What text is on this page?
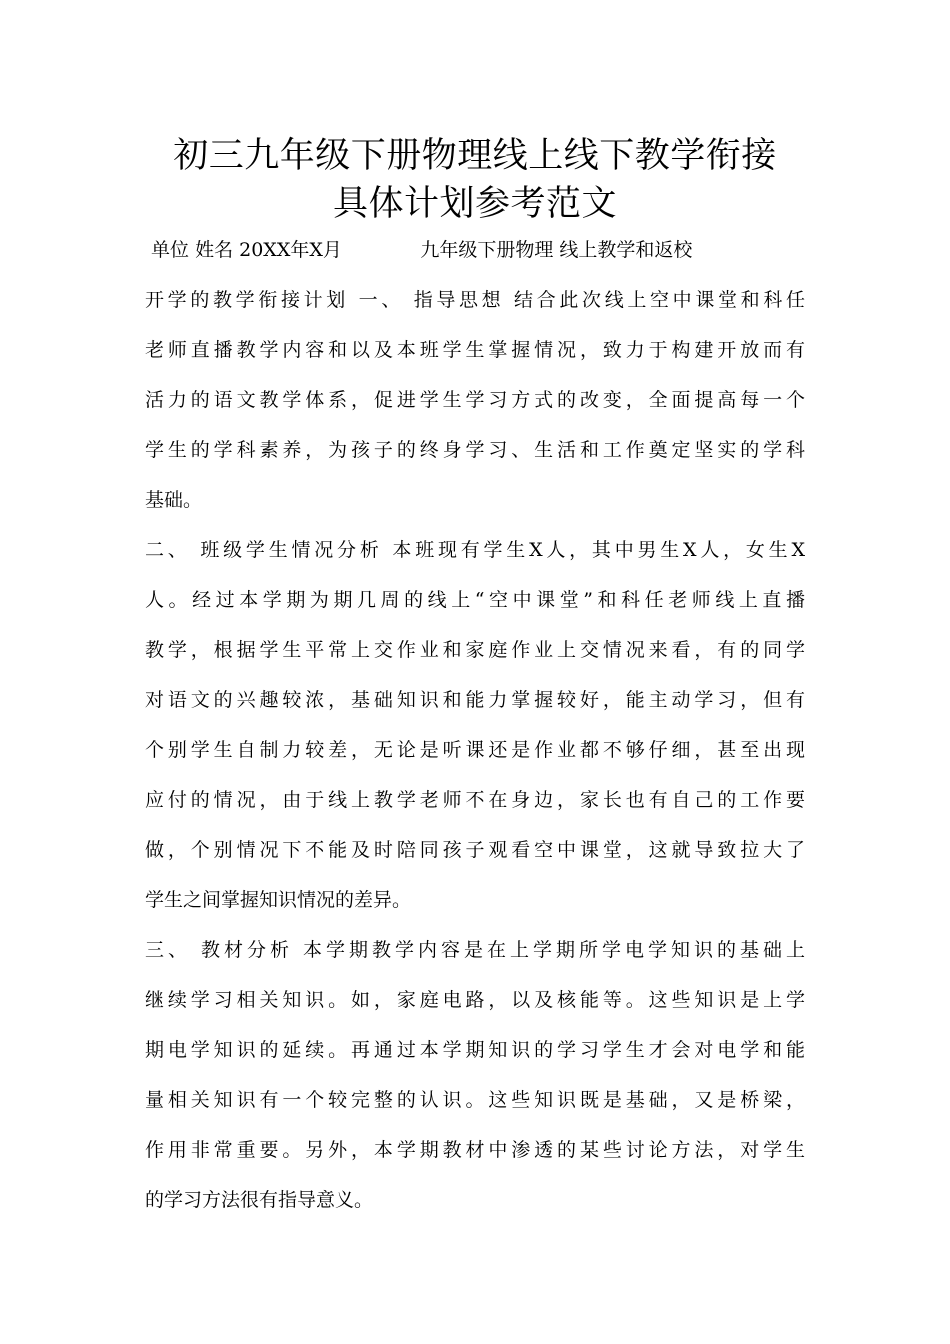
初三九年级下册物理线上线下教学衔接
具体计划参考范文
单位 姓名 20XX年X月             九年级下册物理 线上教学和返校
开学的教学衔接计划 一、 指导思想 结合此次线上空中课堂和科任
老师直播教学内容和以及本班学生掌握情况，致力于构建开放而有
活力的语文教学体系，促进学生学习方式的改变，全面提高每一个
学生的学科素养，为孩子的终身学习、生活和工作奠定坚实的学科
基础。
二、 班级学生情况分析 本班现有学生X人，其中男生X人，女生X
人。经过本学期为期几周的线上“空中课堂”和科任老师线上直播
教学，根据学生平常上交作业和家庭作业上交情况来看，有的同学
对语文的兴趣较浓，基础知识和能力掌握较好，能主动学习，但有
个别学生自制力较差，无论是听课还是作业都不够仔细，甚至出现
应付的情况，由于线上教学老师不在身边，家长也有自己的工作要
做，个别情况下不能及时陪同孩子观看空中课堂，这就导致拉大了
学生之间掌握知识情况的差异。
三、 教材分析 本学期教学内容是在上学期所学电学知识的基础上
继续学习相关知识。如，家庭电路，以及核能等。这些知识是上学
期电学知识的延续。再通过本学期知识的学习学生才会对电学和能
量相关知识有一个较完整的认识。这些知识既是基础，又是桥梁，
作用非常重要。另外，本学期教材中渗透的某些讨论方法，对学生
的学习方法很有指导意义。
